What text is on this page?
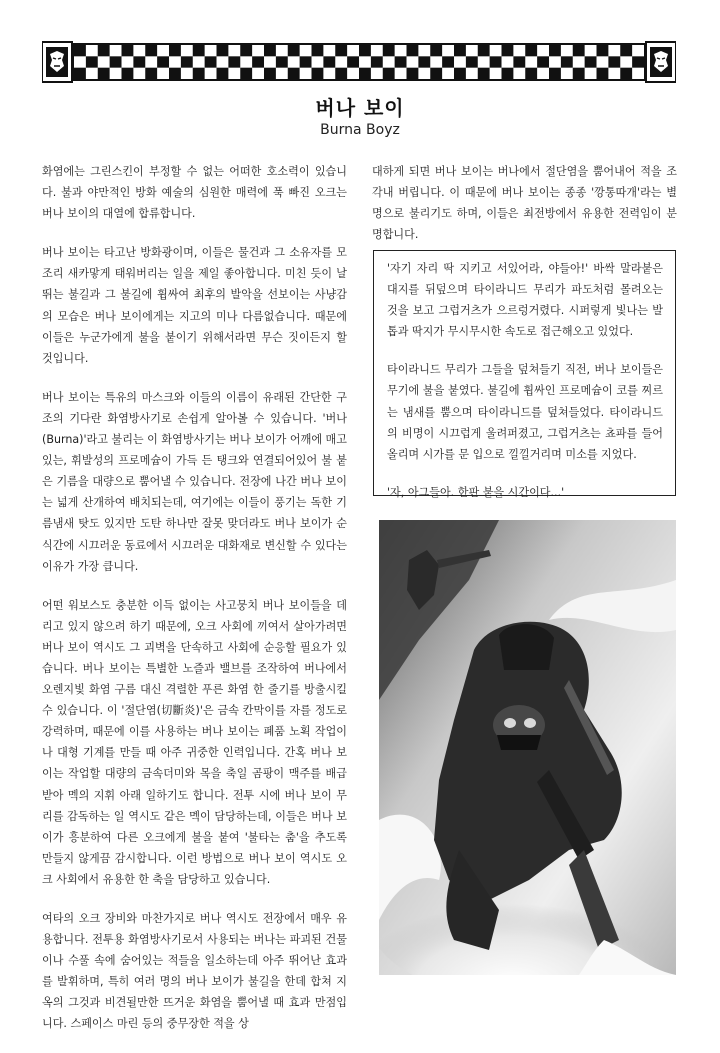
버나 보이
Burna Boyz

화염에는 그린스킨이 부정할 수 없는 어떠한 호소력이 있습니다. 불과 야만적인 방화 예술의 심원한 매력에 푹 빠진 오크는 버나 보이의 대열에 합류합니다.

버나 보이는 타고난 방화광이며, 이들은 물건과 그 소유자를 모조리 새카맣게 태워버리는 일을 제일 좋아합니다. 미친 듯이 날뛰는 불길과 그 불길에 휩싸여 최후의 발악을 선보이는 사냥감의 모습은 버나 보이에게는 지고의 미나 다름없습니다. 때문에 이들은 누군가에게 불을 붙이기 위해서라면 무슨 짓이든지 할 것입니다.

버나 보이는 특유의 마스크와 이들의 이름이 유래된 간단한 구조의 기다란 화염방사기로 손쉽게 알아볼 수 있습니다. '버나(Burna)'라고 불리는 이 화염방사기는 버나 보이가 어깨에 매고 있는, 휘발성의 프로메슘이 가득 든 탱크와 연결되어있어 불 붙은 기름을 대량으로 뿜어낼 수 있습니다. 전장에 나간 버나 보이는 넓게 산개하여 배치되는데, 여기에는 이들이 풍기는 독한 기름냄새 탓도 있지만 도탄 하나만 잘못 맞더라도 버나 보이가 순식간에 시끄러운 동료에서 시끄러운 대화재로 변신할 수 있다는 이유가 가장 큽니다.

어떤 워보스도 충분한 이득 없이는 사고뭉치 버나 보이들을 데리고 있지 않으려 하기 때문에, 오크 사회에 끼여서 살아가려면 버나 보이 역시도 그 괴벽을 단속하고 사회에 순응할 필요가 있습니다. 버나 보이는 특별한 노즐과 밸브를 조작하여 버나에서 오렌지빛 화염 구름 대신 격렬한 푸른 화염 한 줄기를 방출시킬 수 있습니다. 이 '절단염(切斷炎)'은 금속 칸막이를 자를 정도로 강력하며, 때문에 이를 사용하는 버나 보이는 폐품 노획 작업이나 대형 기계를 만들 때 아주 귀중한 인력입니다. 간혹 버나 보이는 작업할 대량의 금속더미와 목을 축일 곰팡이 맥주를 배급받아 멕의 지휘 아래 일하기도 합니다. 전투 시에 버나 보이 무리를 감독하는 일 역시도 같은 멕이 담당하는데, 이들은 버나 보이가 흥분하여 다른 오크에게 불을 붙여 '불타는 춤'을 추도록 만들지 않게끔 감시합니다. 이런 방법으로 버나 보이 역시도 오크 사회에서 유용한 한 축을 담당하고 있습니다.

여타의 오크 장비와 마찬가지로 버나 역시도 전장에서 매우 유용합니다. 전투용 화염방사기로서 사용되는 버나는 파괴된 건물이나 수풀 속에 숨어있는 적들을 일소하는데 아주 뛰어난 효과를 발휘하며, 특히 여러 명의 버나 보이가 불길을 한데 합쳐 지옥의 그것과 비견될만한 뜨거운 화염을 뿜어낼 때 효과 만점입니다. 스페이스 마린 등의 중무장한 적을 상

대하게 되면 버나 보이는 버나에서 절단염을 뿜어내어 적을 조각내 버립니다. 이 때문에 버나 보이는 종종 '깡통따개'라는 별명으로 불리기도 하며, 이들은 최전방에서 유용한 전력임이 분명합니다.

'자기 자리 딱 지키고 서있어라, 야들아!' 바싹 말라붙은 대지를 뒤덮으며 타이라니드 무리가 파도처럼 몰려오는 것을 보고 그럽거츠가 으르렁거렸다. 시퍼렇게 빛나는 발톱과 딱지가 무시무시한 속도로 접근해오고 있었다.

타이라니드 무리가 그들을 덮쳐들기 직전, 버나 보이들은 무기에 불을 붙였다. 불길에 휩싸인 프로메슘이 코를 찌르는 냄새를 뿜으며 타이라니드를 덮쳐들었다. 타이라니드의 비명이 시끄럽게 울려퍼졌고, 그럽거츠는 쵸파를 들어올리며 시가를 문 입으로 낄낄거리며 미소를 지었다.

'자, 아그들아. 한판 붙을 시간이다...'
